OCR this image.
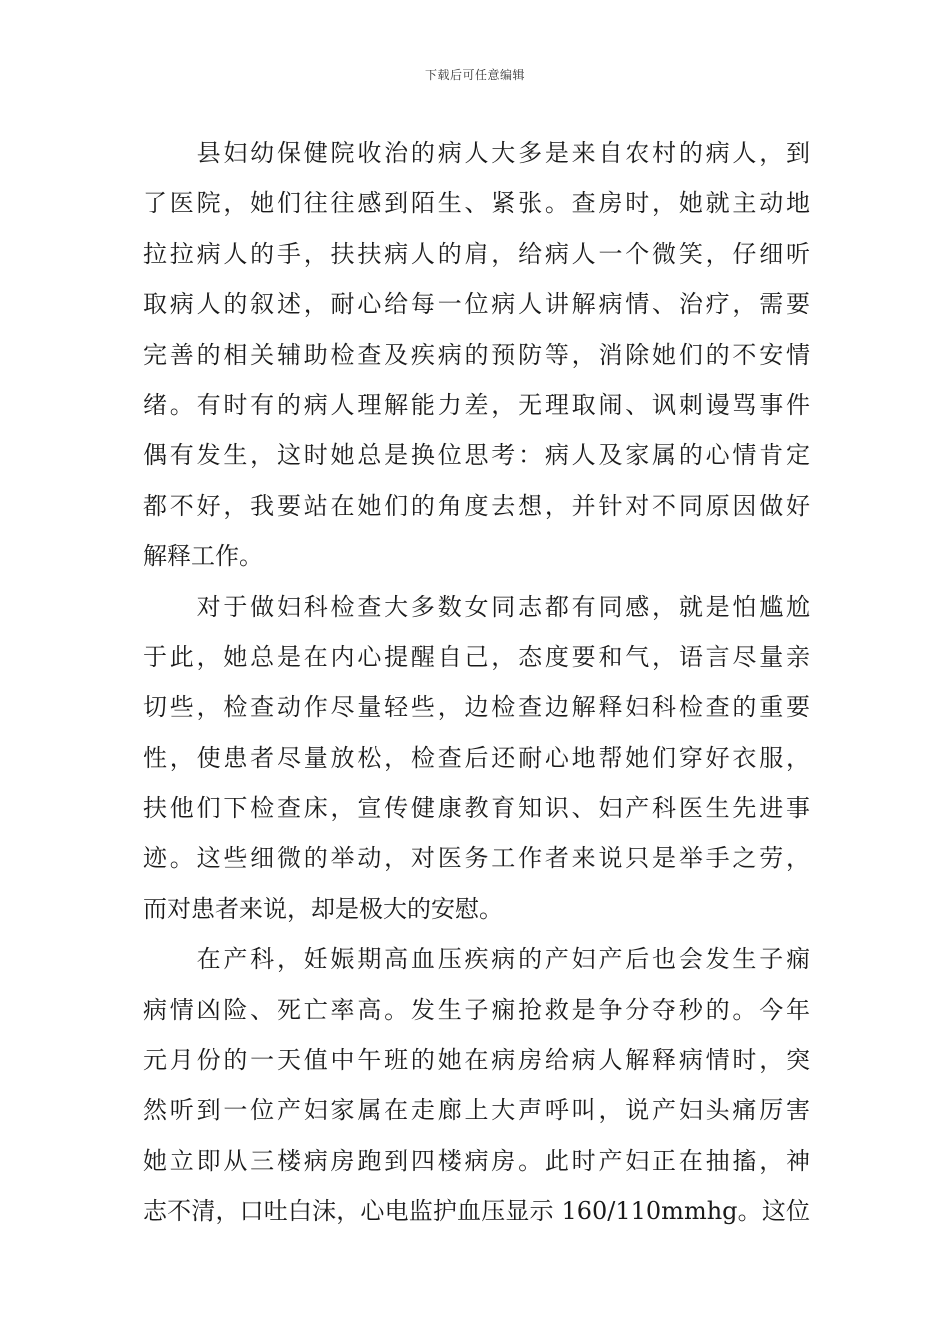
下载后可任意编辑
　　县妇幼保健院收治的病人大多是来自农村的病人，到
了医院，她们往往感到陌生、紧张。查房时，她就主动地
拉拉病人的手，扶扶病人的肩，给病人一个微笑，仔细听
取病人的叙述，耐心给每一位病人讲解病情、治疗，需要
完善的相关辅助检查及疾病的预防等，消除她们的不安情
绪。有时有的病人理解能力差，无理取闹、讽刺谩骂事件
偶有发生，这时她总是换位思考：病人及家属的心情肯定
都不好，我要站在她们的角度去想，并针对不同原因做好
解释工作。
　　对于做妇科检查大多数女同志都有同感，就是怕尴尬
于此，她总是在内心提醒自己，态度要和气，语言尽量亲
切些，检查动作尽量轻些，边检查边解释妇科检查的重要
性，使患者尽量放松，检查后还耐心地帮她们穿好衣服，
扶他们下检查床，宣传健康教育知识、妇产科医生先进事
迹。这些细微的举动，对医务工作者来说只是举手之劳，
而对患者来说，却是极大的安慰。
　　在产科，妊娠期高血压疾病的产妇产后也会发生子痫
病情凶险、死亡率高。发生子痫抢救是争分夺秒的。今年
元月份的一天值中午班的她在病房给病人解释病情时，突
然听到一位产妇家属在走廊上大声呼叫，说产妇头痛厉害
她立即从三楼病房跑到四楼病房。此时产妇正在抽搐，神
志不清，口吐白沫，心电监护血压显示 160/110mmhg。这位
